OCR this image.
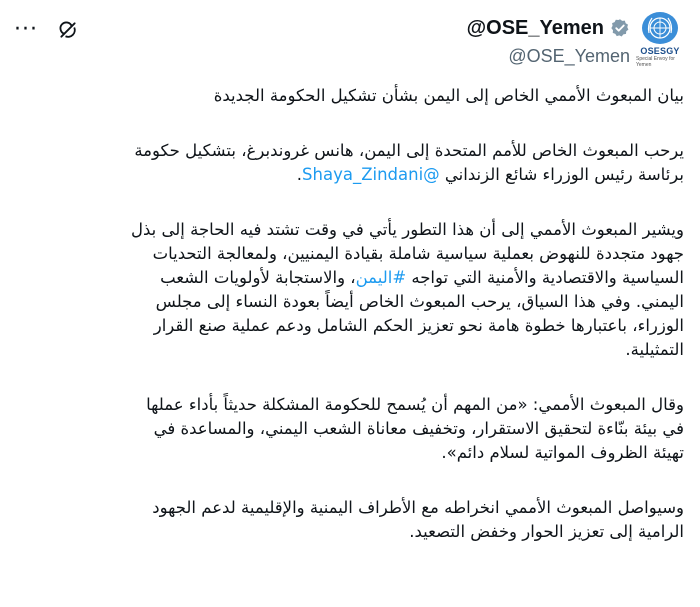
···	@OSE_Yemen
@OSE_Yemen OSESGY
Special Envoy for Yemen

بيان المبعوث الأممي الخاص إلى اليمن بشأن تشكيل الحكومة الجديدة

يرحب المبعوث الخاص للأمم المتحدة إلى اليمن، هانس غروندبرغ، بتشكيل حكومة برئاسة رئيس الوزراء شائع الزنداني @Shaya_Zindani.

ويشير المبعوث الأممي إلى أن هذا التطور يأتي في وقت تشتد فيه الحاجة إلى بذل جهود متجددة للنهوض بعملية سياسية شاملة بقيادة اليمنيين، ولمعالجة التحديات السياسية والاقتصادية والأمنية التي تواجه #اليمن، والاستجابة لأولويات الشعب اليمني. وفي هذا السياق، يرحب المبعوث الخاص أيضاً بعودة النساء إلى مجلس الوزراء، باعتبارها خطوة هامة نحو تعزيز الحكم الشامل ودعم عملية صنع القرار التمثيلية.

وقال المبعوث الأممي: «من المهم أن يُسمح للحكومة المشكلة حديثاً بأداء عملها في بيئة بنّاءة لتحقيق الاستقرار، وتخفيف معاناة الشعب اليمني، والمساعدة في تهيئة الظروف المواتية لسلام دائم».

وسيواصل المبعوث الأممي انخراطه مع الأطراف اليمنية والإقليمية لدعم الجهود الرامية إلى تعزيز الحوار وخفض التصعيد.
